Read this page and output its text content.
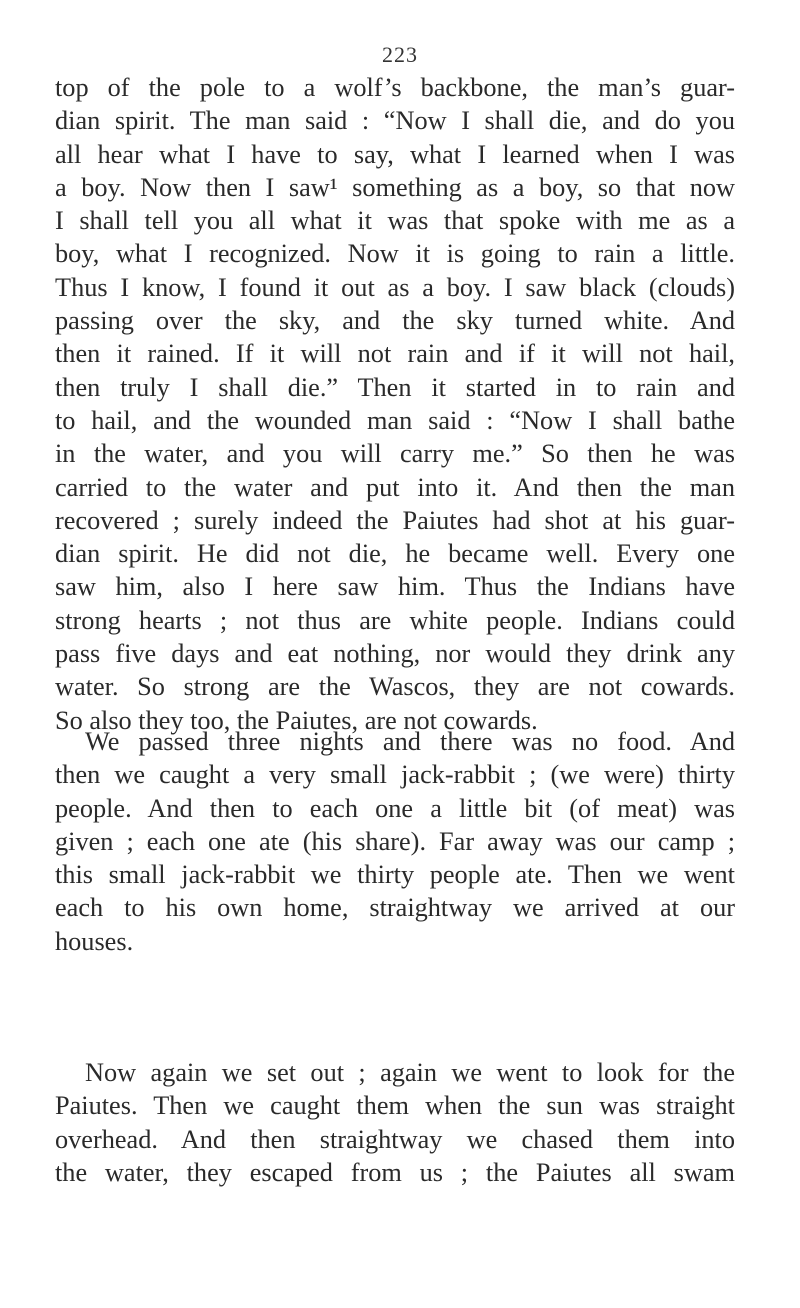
223
top of the pole to a wolf’s backbone, the man’s guar-
dian spirit. The man said : “Now I shall die, and do you
all hear what I have to say, what I learned when I was
a boy. Now then I saw¹ something as a boy, so that now
I shall tell you all what it was that spoke with me as a
boy, what I recognized. Now it is going to rain a little.
Thus I know, I found it out as a boy. I saw black (clouds)
passing over the sky, and the sky turned white. And
then it rained. If it will not rain and if it will not hail,
then truly I shall die.” Then it started in to rain and
to hail, and the wounded man said : “Now I shall bathe
in the water, and you will carry me.” So then he was
carried to the water and put into it. And then the man
recovered ; surely indeed the Paiutes had shot at his guar-
dian spirit. He did not die, he became well. Every one
saw him, also I here saw him. Thus the Indians have
strong hearts ; not thus are white people. Indians could
pass five days and eat nothing, nor would they drink any
water. So strong are the Wascos, they are not cowards.
So also they too, the Paiutes, are not cowards.
We passed three nights and there was no food. And
then we caught a very small jack-rabbit ; (we were) thirty
people. And then to each one a little bit (of meat) was
given ; each one ate (his share). Far away was our camp ;
this small jack-rabbit we thirty people ate. Then we went
each to his own home, straightway we arrived at our
houses.
Now again we set out ; again we went to look for the
Paiutes. Then we caught them when the sun was straight
overhead. And then straightway we chased them into
the water, they escaped from us ; the Paiutes all swam
